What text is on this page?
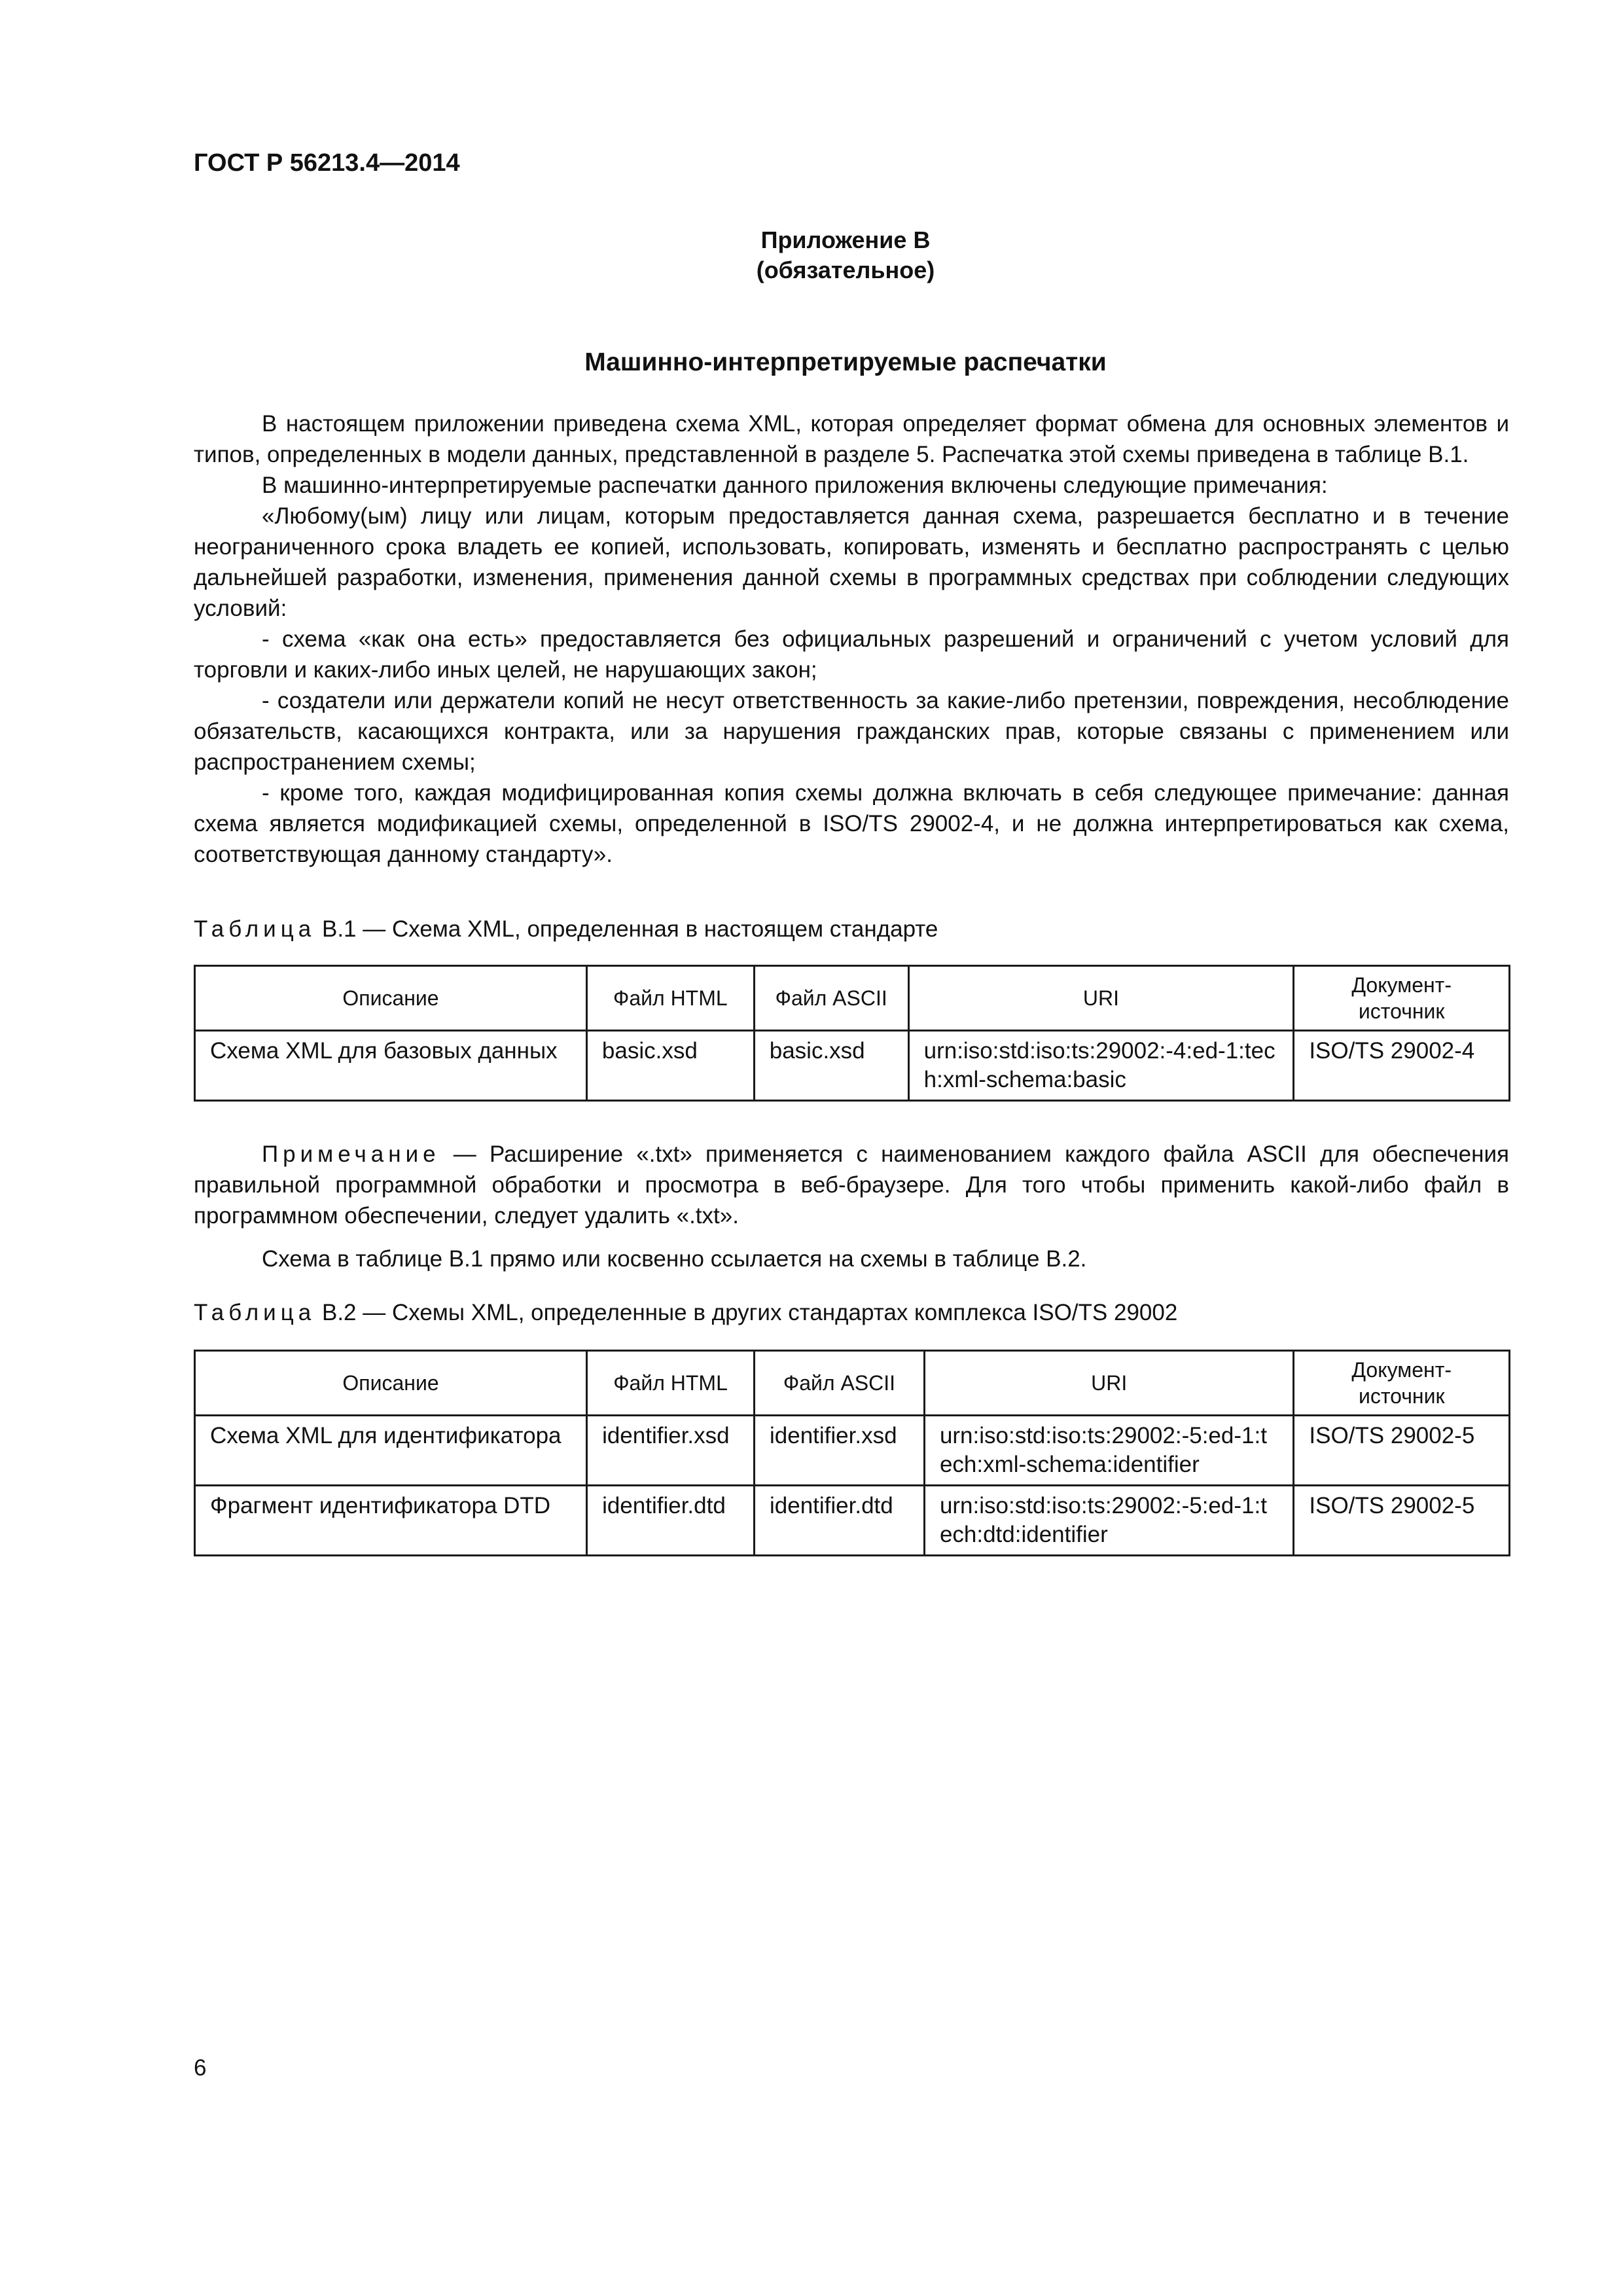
ГОСТ Р 56213.4—2014
Приложение В
(обязательное)
Машинно-интерпретируемые распечатки

В настоящем приложении приведена схема XML, которая определяет формат обмена для основных элементов и типов, определенных в модели данных, представленной в разделе 5. Распечатка этой схемы приведена в таблице В.1.

В машинно-интерпретируемые распечатки данного приложения включены следующие примечания:

«Любому(ым) лицу или лицам, которым предоставляется данная схема, разрешается бесплатно и в течение неограниченного срока владеть ее копией, использовать, копировать, изменять и бесплатно распространять с целью дальнейшей разработки, изменения, применения данной схемы в программных средствах при соблюдении следующих условий:

- схема «как она есть» предоставляется без официальных разрешений и ограничений с учетом условий для торговли и каких-либо иных целей, не нарушающих закон;

- создатели или держатели копий не несут ответственность за какие-либо претензии, повреждения, несоблюдение обязательств, касающихся контракта, или за нарушения гражданских прав, которые связаны с применением или распространением схемы;

- кроме того, каждая модифицированная копия схемы должна включать в себя следующее примечание: данная схема является модификацией схемы, определенной в ISO/TS 29002-4, и не должна интерпретироваться как схема, соответствующая данному стандарту».

Таблица В.1 — Схема XML, определенная в настоящем стандарте
Описание	Файл HTML	Файл ASCII	URI	Документ-источник
Схема XML для базовых данных	basic.xsd	basic.xsd	urn:iso:std:iso:ts:29002:-4:ed-1:tech:xml-schema:basic	ISO/TS 29002-4

Примечание — Расширение «.txt» применяется с наименованием каждого файла ASCII для обеспечения правильной программной обработки и просмотра в веб-браузере. Для того чтобы применить какой-либо файл в программном обеспечении, следует удалить «.txt».

Схема в таблице В.1 прямо или косвенно ссылается на схемы в таблице В.2.
Таблица В.2 — Схемы XML, определенные в других стандартах комплекса ISO/TS 29002
Описание	Файл HTML	Файл ASCII	URI	Документ-источник
Схема XML для идентификатора	identifier.xsd	identifier.xsd	urn:iso:std:iso:ts:29002:-5:ed-1:tech:xml-schema:identifier	ISO/TS 29002-5
Фрагмент идентификатора DTD	identifier.dtd	identifier.dtd	urn:iso:std:iso:ts:29002:-5:ed-1:tech:dtd:identifier	ISO/TS 29002-5
6
